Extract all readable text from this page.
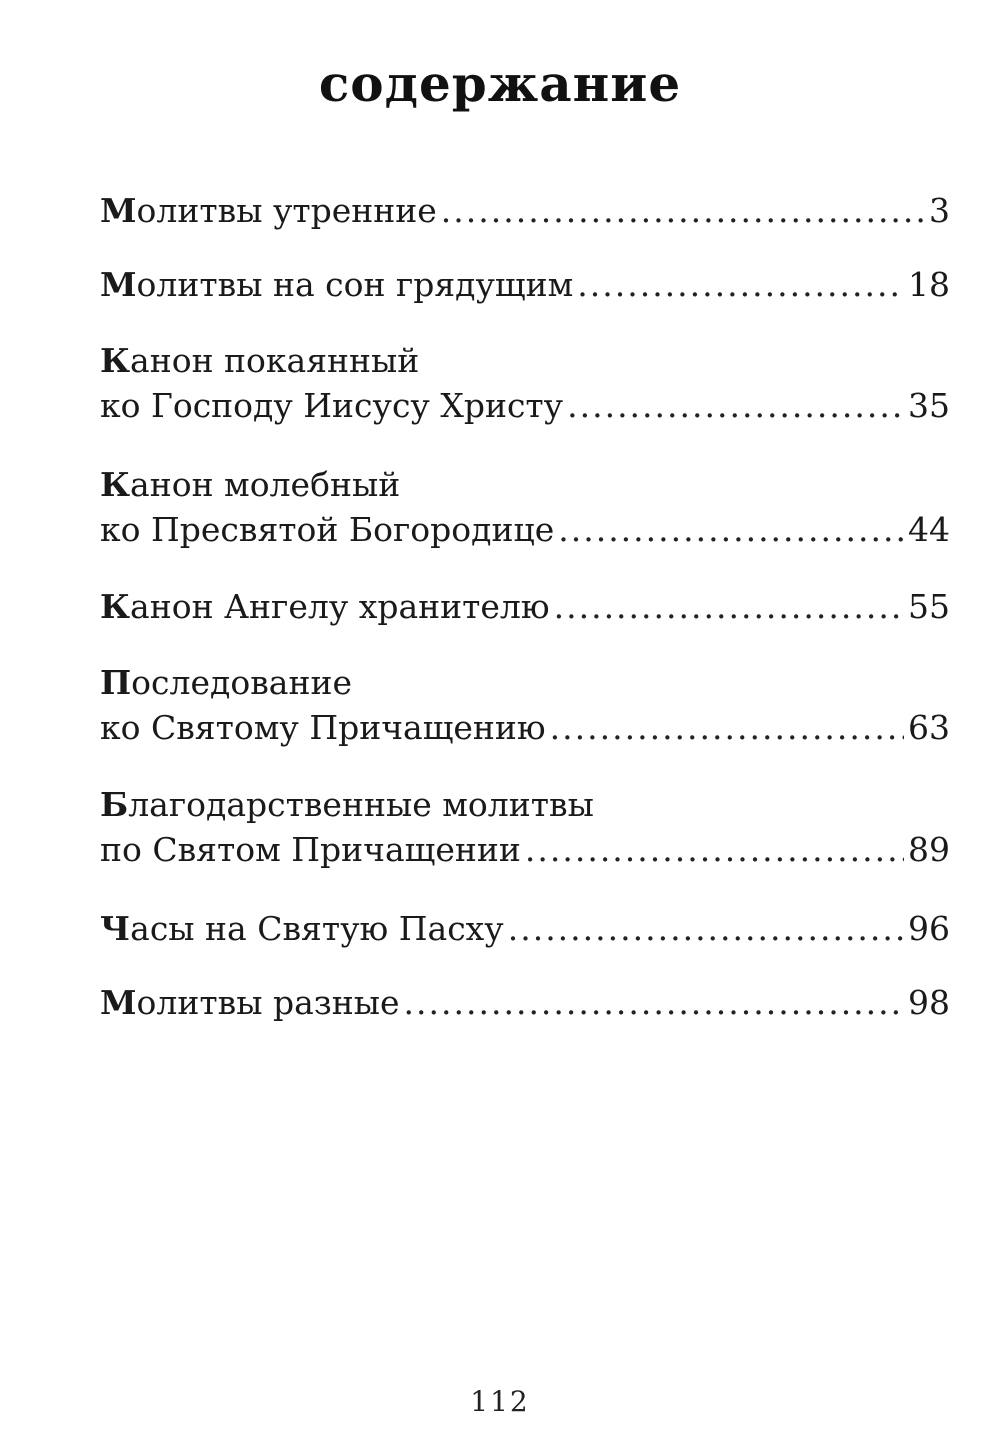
содержание
Молитвы утренние .....	3
Молитвы на сон грядущим .....	18
Канон покаянный
ко Господу Иисусу Христу .....	35
Канон молебный
ко Пресвятой Богородице .....	44
Канон Ангелу хранителю .....	55
Последование
ко Святому Причащению .....	63
Благодарственные молитвы
по Святом Причащении .....	89
Часы на Святую Пасху .....	96
Молитвы разные .....	98
112
